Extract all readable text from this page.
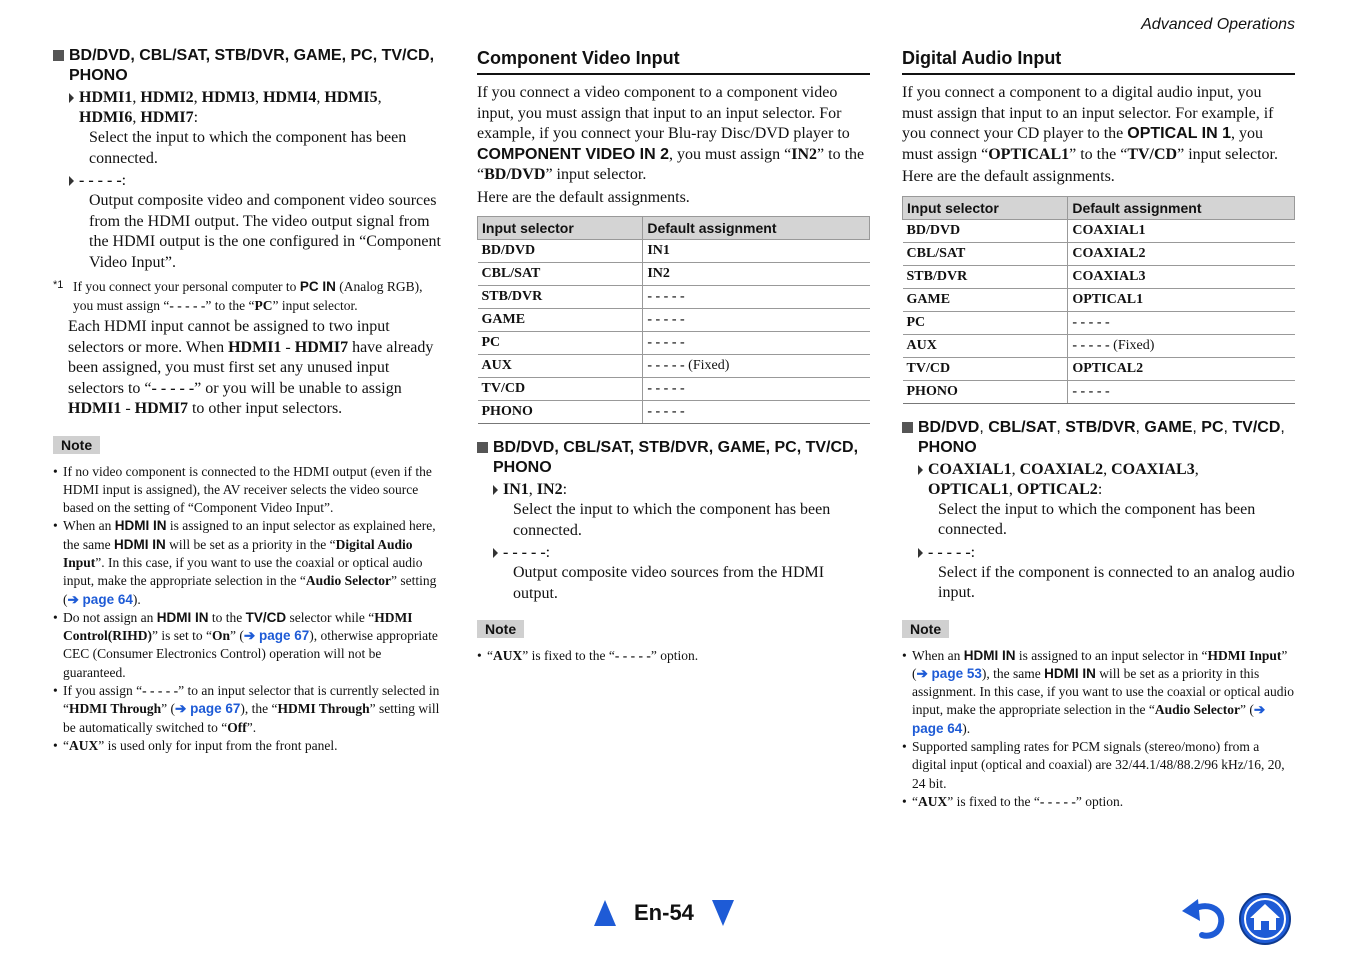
Advanced Operations

BD/DVD, CBL/SAT, STB/DVR, GAME, PC, TV/CD, PHONO

HDMI1, HDMI2, HDMI3, HDMI4, HDMI5,
HDMI6, HDMI7:

Select the input to which the component has been connected.

- - - - -:

Output composite video and component video sources from the HDMI output. The video output signal from the HDMI output is the one configured in “Component Video Input”.

*1 If you connect your personal computer to PC IN (Analog RGB), you must assign “- - - - -” to the “PC” input selector.
Each HDMI input cannot be assigned to two input selectors or more. When HDMI1 - HDMI7 have already been assigned, you must first set any unused input selectors to “- - - - -” or you will be unable to assign HDMI1 - HDMI7 to other input selectors.
Note
• If no video component is connected to the HDMI output (even if the HDMI input is assigned), the AV receiver selects the video source based on the setting of “Component Video Input”.
• When an HDMI IN is assigned to an input selector as explained here, the same HDMI IN will be set as a priority in the “Digital Audio Input”. In this case, if you want to use the coaxial or optical audio input, make the appropriate selection in the “Audio Selector” setting (➔ page 64).
• Do not assign an HDMI IN to the TV/CD selector while “HDMI Control(RIHD)” is set to “On” (➔ page 67), otherwise appropriate CEC (Consumer Electronics Control) operation will not be guaranteed.
• If you assign “- - - - -” to an input selector that is currently selected in “HDMI Through” (➔ page 67), the “HDMI Through” setting will be automatically switched to “Off”.
• “AUX” is used only for input from the front panel.
Component Video Input
If you connect a video component to a component video input, you must assign that input to an input selector. For example, if you connect your Blu-ray Disc/DVD player to COMPONENT VIDEO IN 2, you must assign “IN2” to the “BD/DVD” input selector.
Here are the default assignments.
Input selector	Default assignment
BD/DVD	IN1
CBL/SAT	IN2
STB/DVR	- - - - -
GAME	- - - - -
PC	- - - - -
AUX	- - - - - (Fixed)
TV/CD	- - - - -
PHONO	- - - - -

BD/DVD, CBL/SAT, STB/DVR, GAME, PC, TV/CD, PHONO

IN1, IN2:

Select the input to which the component has been connected.

- - - - -:

Output composite video sources from the HDMI output.

Note
• “AUX” is fixed to the “- - - - -” option.
Digital Audio Input
If you connect a component to a digital audio input, you must assign that input to an input selector. For example, if you connect your CD player to the OPTICAL IN 1, you must assign “OPTICAL1” to the “TV/CD” input selector.
Here are the default assignments.
Input selector	Default assignment
BD/DVD	COAXIAL1
CBL/SAT	COAXIAL2
STB/DVR	COAXIAL3
GAME	OPTICAL1
PC	- - - - -
AUX	- - - - - (Fixed)
TV/CD	OPTICAL2
PHONO	- - - - -

BD/DVD, CBL/SAT, STB/DVR, GAME, PC, TV/CD, PHONO

COAXIAL1, COAXIAL2, COAXIAL3,
OPTICAL1, OPTICAL2:

Select the input to which the component has been connected.

- - - - -:

Select if the component is connected to an analog audio input.

Note
• When an HDMI IN is assigned to an input selector in “HDMI Input” (➔ page 53), the same HDMI IN will be set as a priority in this assignment. In this case, if you want to use the coaxial or optical audio input, make the appropriate selection in the “Audio Selector” (➔ page 64).
• Supported sampling rates for PCM signals (stereo/mono) from a digital input (optical and coaxial) are 32/44.1/48/88.2/96 kHz/16, 20, 24 bit.
• “AUX” is fixed to the “- - - - -” option.
En-54
